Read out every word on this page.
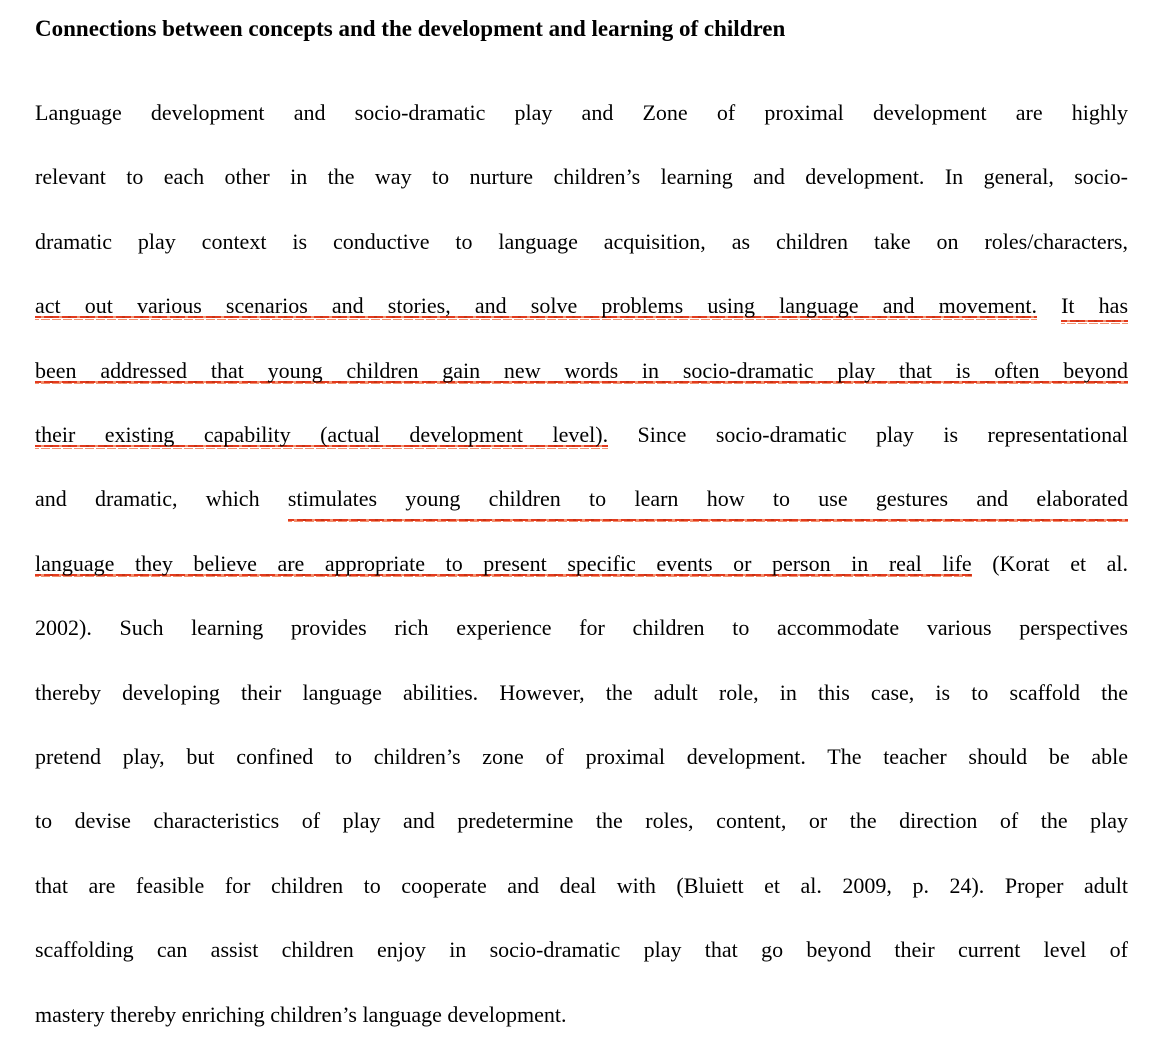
Connections between concepts and the development and learning of children
Language development and socio-dramatic play and Zone of proximal development are highly
relevant to each other in the way to nurture children’s learning and development. In general, socio-
dramatic play context is conductive to language acquisition, as children take on roles/characters,
act out various scenarios and stories, and solve problems using language and movement. It has
been addressed that young children gain new words in socio-dramatic play that is often beyond
their existing capability (actual development level). Since socio-dramatic play is representational
and dramatic, which stimulates young children to learn how to use gestures and elaborated
language they believe are appropriate to present specific events or person in real life (Korat et al.
2002). Such learning provides rich experience for children to accommodate various perspectives
thereby developing their language abilities. However, the adult role, in this case, is to scaffold the
pretend play, but confined to children’s zone of proximal development. The teacher should be able
to devise characteristics of play and predetermine the roles, content, or the direction of the play
that are feasible for children to cooperate and deal with (Bluiett et al. 2009, p. 24). Proper adult
scaffolding can assist children enjoy in socio-dramatic play that go beyond their current level of
mastery thereby enriching children’s language development.
